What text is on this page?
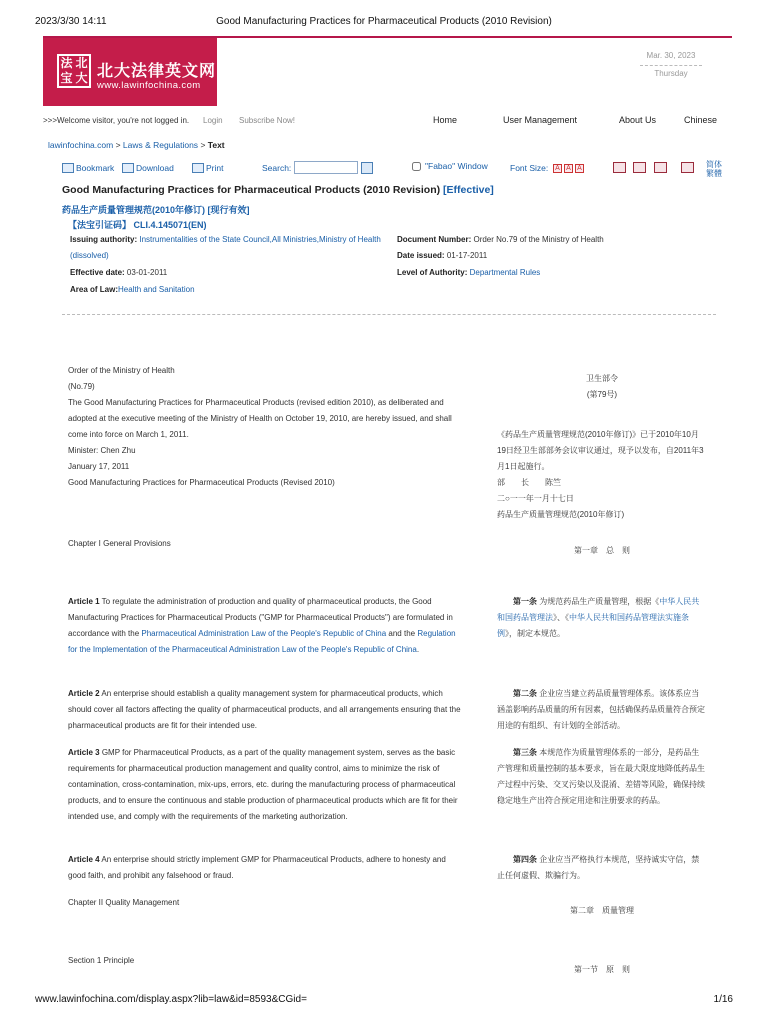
2023/3/30 14:11	Good Manufacturing Practices for Pharmaceutical Products (2010 Revision)
法 北
宝 大 北大法律英文网
www.lawinfochina.com
Mar. 30, 2023
Thursday
>>>Welcome visitor, you're not logged in. Login Subscribe Now!	Home	User Management	About Us	Chinese
lawinfochina.com > Laws & Regulations > Text
Bookmark	Download	Print	Search:	"Fabao" Window	Font Size: A A A	简体
繁體
Good Manufacturing Practices for Pharmaceutical Products (2010 Revision) [Effective]
药品生产质量管理规范(2010年修订) [现行有效]
【法宝引证码】 CLI.4.145071(EN)
Issuing authority: Instrumentalities of the State Council,All Ministries,Ministry of Health (dissolved)
Document Number: Order No.79 of the Ministry of Health
Date issued: 01-17-2011
Effective date: 03-01-2011	Level of Authority: Departmental Rules
Area of Law:Health and Sanitation
Order of the Ministry of Health
(No.79)
The Good Manufacturing Practices for Pharmaceutical Products (revised edition 2010), as deliberated and adopted at the executive meeting of the Ministry of Health on October 19, 2010, are hereby issued, and shall come into force on March 1, 2011.
Minister: Chen Zhu
January 17, 2011
Good Manufacturing Practices for Pharmaceutical Products (Revised 2010)
Chapter I General Provisions
Article 1 To regulate the administration of production and quality of pharmaceutical products, the Good Manufacturing Practices for Pharmaceutical Products ("GMP for Pharmaceutical Products") are formulated in accordance with the Pharmaceutical Administration Law of the People's Republic of China and the Regulation for the Implementation of the Pharmaceutical Administration Law of the People's Republic of China.
Article 2 An enterprise should establish a quality management system for pharmaceutical products, which should cover all factors affecting the quality of pharmaceutical products, and all arrangements ensuring that the pharmaceutical products are fit for their intended use.
Article 3 GMP for Pharmaceutical Products, as a part of the quality management system, serves as the basic requirements for pharmaceutical production management and quality control, aims to minimize the risk of contamination, cross-contamination, mix-ups, errors, etc. during the manufacturing process of pharmaceutical products, and to ensure the continuous and stable production of pharmaceutical products which are fit for their intended use, and comply with the requirements of the marketing authorization.
Article 4 An enterprise should strictly implement GMP for Pharmaceutical Products, adhere to honesty and good faith, and prohibit any falsehood or fraud.
Chapter II Quality Management
Section 1 Principle
卫生部令
(第79号)
《药品生产质量管理规范(2010年修订)》已于2010年10月19日经卫生部部务会议审议通过，现予以发布，自2011年3月1日起施行。
部　　长　　陈竺
二○一一年一月十七日
药品生产质量管理规范(2010年修订)
第一章　总　则
第一条 为规范药品生产质量管理，根据《中华人民共和国药品管理法》、《中华人民共和国药品管理法实施条例》，制定本规范。
第二条 企业应当建立药品质量管理体系。该体系应当涵盖影响药品质量的所有因素，包括确保药品质量符合预定用途的有组织、有计划的全部活动。
第三条 本规范作为质量管理体系的一部分，是药品生产管理和质量控制的基本要求，旨在最大限度地降低药品生产过程中污染、交叉污染以及混淆、差错等风险，确保持续稳定地生产出符合预定用途和注册要求的药品。
第四条 企业应当严格执行本规范，坚持诚实守信，禁止任何虚假、欺骗行为。
第二章　质量管理
第一节　原　则
www.lawinfochina.com/display.aspx?lib=law&id=8593&CGid=	1/16
